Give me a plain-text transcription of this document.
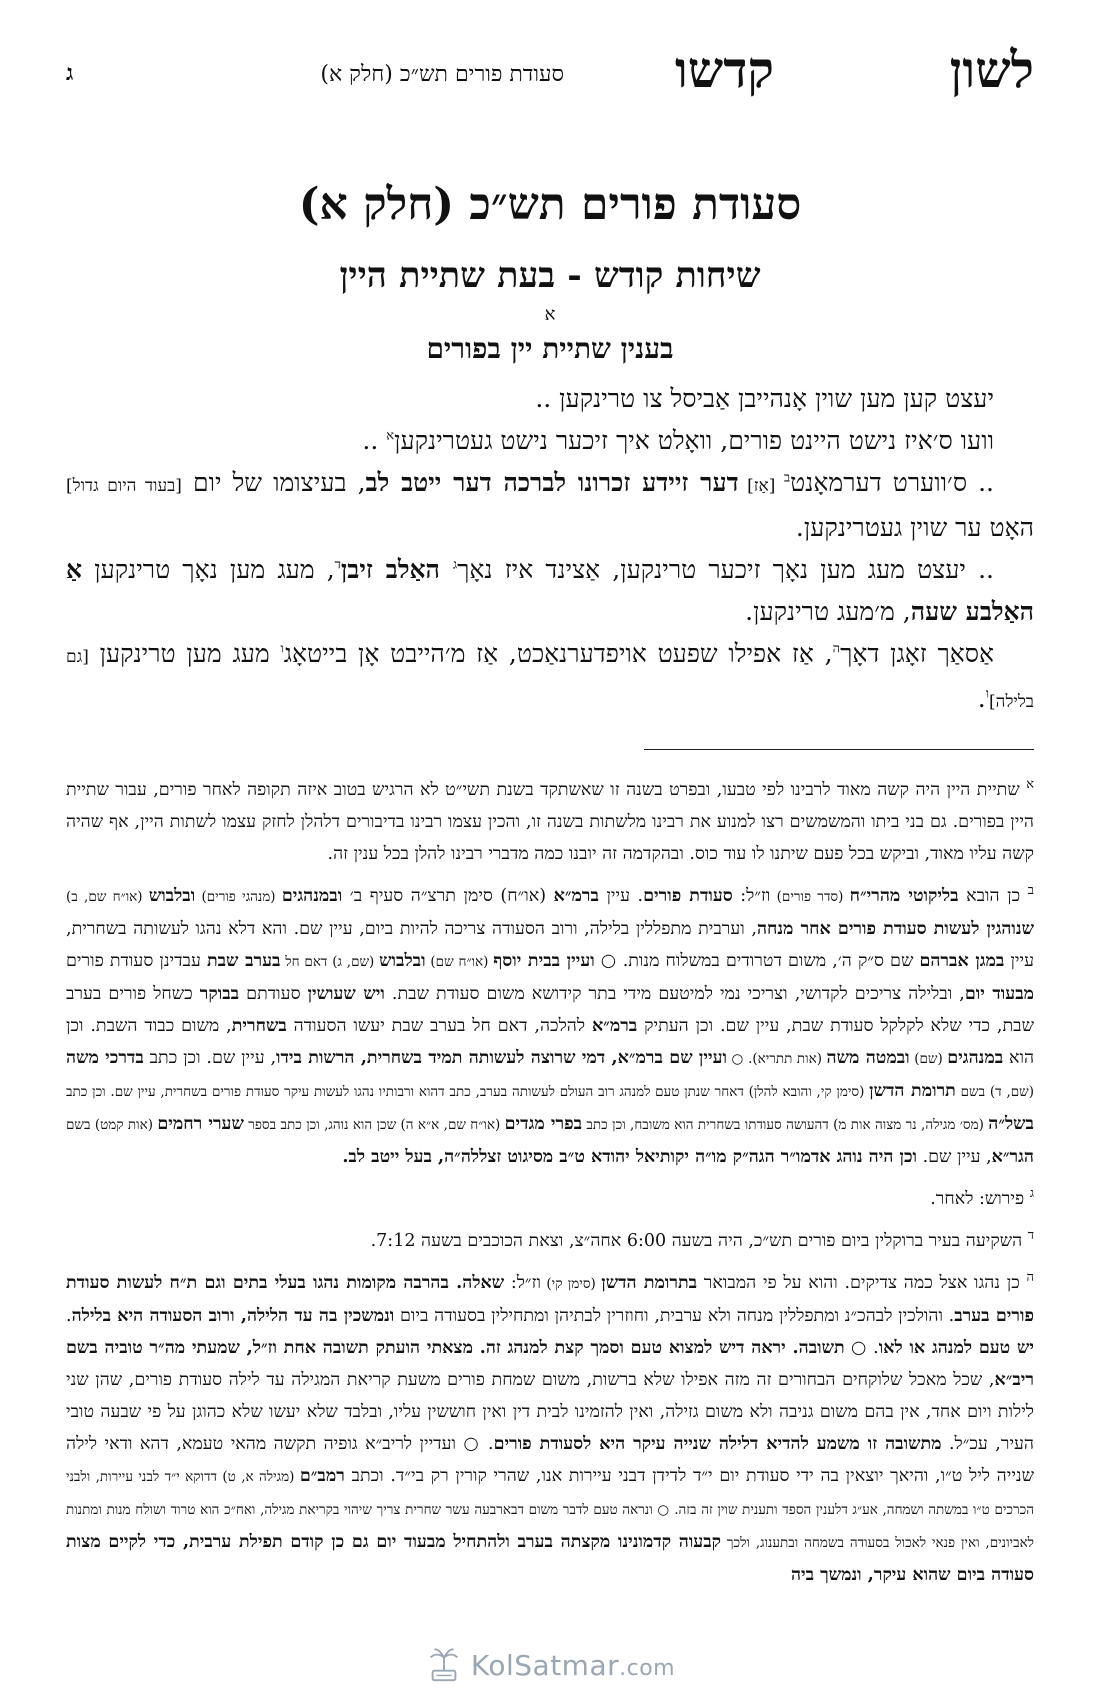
לשון
קדשו
סעודת פורים תש״כ (חלק א)
ג
סעודת פורים תש״כ (חלק א)
שיחות קודש - בעת שתיית היין
א
בענין שתיית יין בפורים

יעצט קען מען שוין אָנהייבן אַביסל צו טרינקען ..

וועו ס׳איז נישט היינט פורים, וואָלט איך זיכער נישט געטרינקען$^א$ ..

.. ס׳ווערט דערמאָנט$^ב$ [אַז] דער זיידע זכרונו לברכה דער ייטב לב, בעיצומו של יום [בעוד היום גדול] האָט ער שוין געטרינקען.

.. יעצט מעג מען נאָך זיכער טרינקען, אַצינד איז נאָך$^ג$ האַלב זיבן$^ד$, מעג מען נאָך טרינקען אַ האַלבע שעה, מ׳מעג טרינקען.

אַסאַך זאָגן דאָך$^ה$, אַז אפילו שפעט אויפדערנאַכט, אַז מ׳הייבט אָן בייטאָג$^ו$ מעג מען טרינקען [גם בלילה]$^ו$.

$^א$ שתיית היין היה קשה מאוד לרבינו לפי טבעו, ובפרט בשנה זו שאשתקד בשנת תשי״ט לא הרגיש בטוב איזה תקופה לאחר פורים, עבור שתיית היין בפורים. גם בני ביתו והמשמשים רצו למנוע את רבינו מלשתות בשנה זו, והכין עצמו רבינו בדיבורים דלהלן לחזק עצמו לשתות היין, אף שהיה קשה עליו מאוד, וביקש בכל פעם שיתנו לו עוד כוס. ובהקדמה זה יובנו כמה מדברי רבינו להלן בכל ענין זה.

$^ב$ כן הובא בליקוטי מהרי״ח (סדר פורים) וז״ל: סעודת פורים. עיין ברמ״א (או״ח) סימן תרצ״ה סעיף ב׳ ובמנהגים (מנהגי פורים) ובלבוש (או״ח שם, ב) שנוהגין לעשות סעודת פורים אחר מנחה, וערבית מתפללין בלילה, ורוב הסעודה צריכה להיות ביום, עיין שם. והא דלא נהגו לעשותה בשחרית, עיין במגן אברהם שם ס״ק ה׳, משום דטרודים במשלוח מנות. ○ ועיין בבית יוסף (או״ח שם) ובלבוש (שם, ג) דאם חל בערב שבת עבדינן סעודת פורים מבעוד יום, ובלילה צריכים לקדושי, וצריכי נמי למיטעם מידי בתר קידושא משום סעודת שבת. ויש שעושין סעודתם בבוקר כשחל פורים בערב שבת, כדי שלא לקלקל סעודת שבת, עיין שם. וכן העתיק ברמ״א להלכה, דאם חל בערב שבת יעשו הסעודה בשחרית, משום כבוד השבת. וכן הוא במנהגים (שם) ובמטה משה (אות תתריא). ○ ועיין שם ברמ״א, דמי שרוצה לעשותה תמיד בשחרית, הרשות בידו, עיין שם. וכן כתב בדרכי משה (שם, ד) בשם תרומת הדשן (סימן קי, והובא להלן) דאחר שנתן טעם למנהג רוב העולם לעשותה בערב, כתב דהוא ורבותיו נהגו לעשות עיקר סעודת פורים בשחרית, עיין שם. וכן כתב בשל״ה (מס׳ מגילה, נר מצוה אות מ) דהעושה סעודתו בשחרית הוא משובח, וכן כתב בפרי מגדים (או״ח שם, א״א ה) שכן הוא נוהג, וכן כתב בספר שערי רחמים (אות קמט) בשם הגר״א, עיין שם. וכן היה נוהג אדמו״ר הגה״ק מו״ה יקותיאל יהודא ט״ב מסיגוט זצללה״ה, בעל ייטב לב.

$^ג$ פירוש: לאחר.

$^ד$ השקיעה בעיר ברוקלין ביום פורים תש״כ, היה בשעה 6:00 אחה״צ, וצאת הכוכבים בשעה 7:12.

$^ה$ כן נהגו אצל כמה צדיקים. והוא על פי המבואר בתרומת הדשן (סימן קי) וז״ל: שאלה. בהרבה מקומות נהגו בעלי בתים וגם ת״ח לעשות סעודת פורים בערב. והולכין לבהכ״נ ומתפללין מנחה ולא ערבית, וחוזרין לבתיהן ומתחילין בסעודה ביום ונמשכין בה עד הלילה, ורוב הסעודה היא בלילה. יש טעם למנהג או לאו. ○ תשובה. יראה דיש למצוא טעם וסמך קצת למנהג זה. מצאתי הועתק תשובה אחת וז״ל, שמעתי מה״ר טוביה בשם ריב״א, שכל מאכל שלוקחים הבחורים זה מזה אפילו שלא ברשות, משום שמחת פורים משעת קריאת המגילה עד לילה סעודת פורים, שהן שני לילות ויום אחד, אין בהם משום גניבה ולא משום גזילה, ואין להזמינו לבית דין ואין חוששין עליו, ובלבד שלא יעשו שלא כהוגן על פי שבעה טובי העיר, עכ״ל. מתשובה זו משמע להדיא דלילה שנייה עיקר היא לסעודת פורים. ○ ועדיין לריב״א גופיה תקשה מהאי טעמא, דהא ודאי לילה שנייה ליל ט״ו, והיאך יוצאין בה ידי סעודת יום י״ד לדידן דבני עיירות אנו, שהרי קורין רק בי״ד. וכתב רמב״ם (מגילה א, ט) דדוקא י״ד לבני עיירות, ולבני הכרכים ט״ו במשתה ושמחה, אע״ג דלענין הספד ותענית שוין זה בזה. ○ ונראה טעם לדבר משום דבארבעה עשר שחרית צריך שיהוי בקריאת מגילה, ואח״כ הוא טרוד ושולח מנות ומתנות לאביונים, ואין פנאי לאכול בסעודה בשמחה ובתענוג, ולכך קבעוה קדמונינו מקצתה בערב ולהתחיל מבעוד יום גם כן קודם תפילת ערבית, כדי לקיים מצות סעודה ביום שהוא עיקר, ונמשך ביה

KolSatmar.com
